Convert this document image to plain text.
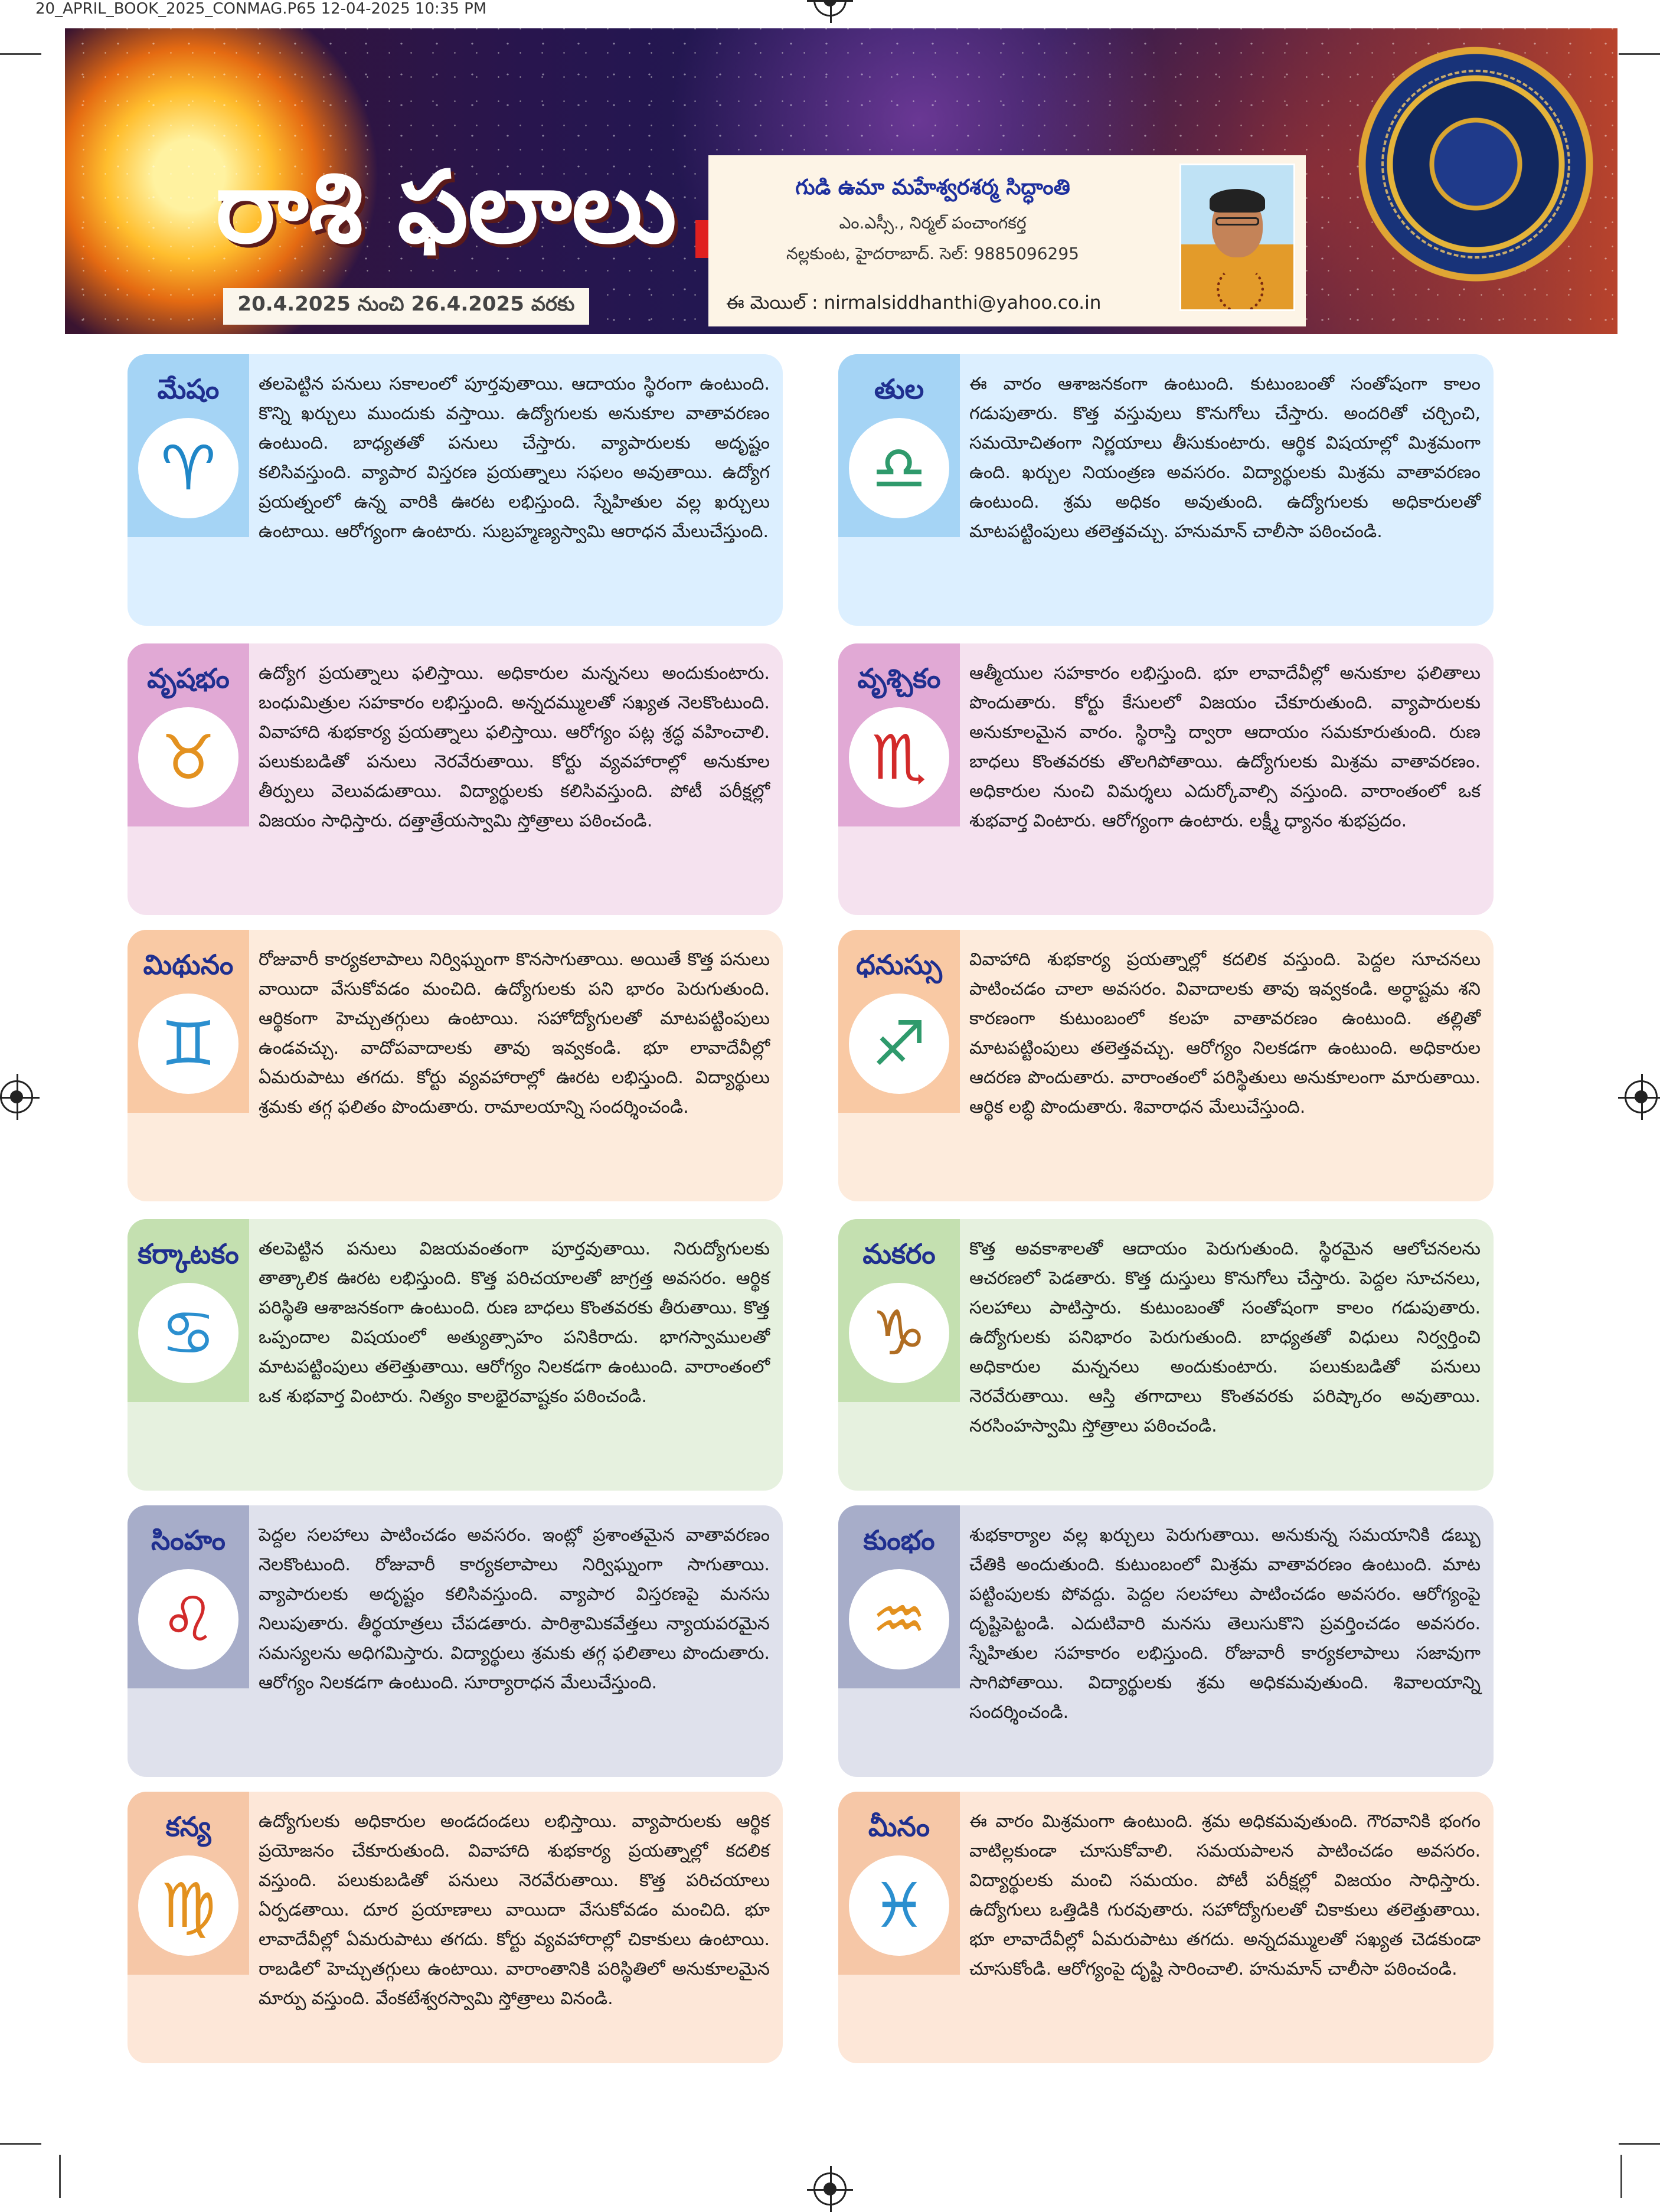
20_APRIL_BOOK_2025_CONMAG.P65 12-04-2025 10:35 PM
రాశి ఫలాలు
20.4.2025 నుంచి 26.4.2025 వరకు
గుడి ఉమా మహేశ్వరశర్మ సిద్ధాంతి
ఎం.ఎస్సీ., నిర్మల్ పంచాంగకర్త
నల్లకుంట, హైదరాబాద్. సెల్: 9885096295
ఈ మెయిల్ : nirmalsiddhanthi@yahoo.co.in
మేషం
♈
తలపెట్టిన పనులు సకాలంలో పూర్తవుతాయి. ఆదాయం స్థిరంగా ఉంటుంది. కొన్ని ఖర్చులు ముందుకు వస్తాయి. ఉద్యోగులకు అనుకూల వాతావరణం ఉంటుంది. బాధ్యతతో పనులు చేస్తారు. వ్యాపారులకు అదృష్టం కలిసివస్తుంది. వ్యాపార విస్తరణ ప్రయత్నాలు సఫలం అవుతాయి. ఉద్యోగ ప్రయత్నంలో ఉన్న వారికి ఊరట లభిస్తుంది. స్నేహితుల వల్ల ఖర్చులు ఉంటాయి. ఆరోగ్యంగా ఉంటారు. సుబ్రహ్మణ్యస్వామి ఆరాధన మేలుచేస్తుంది.
తుల
♎
ఈ వారం ఆశాజనకంగా ఉంటుంది. కుటుంబంతో సంతోషంగా కాలం గడుపుతారు. కొత్త వస్తువులు కొనుగోలు చేస్తారు. అందరితో చర్చించి, సమయోచితంగా నిర్ణయాలు తీసుకుంటారు. ఆర్థిక విషయాల్లో మిశ్రమంగా ఉంది. ఖర్చుల నియంత్రణ అవసరం. విద్యార్థులకు మిశ్రమ వాతావరణం ఉంటుంది. శ్రమ అధికం అవుతుంది. ఉద్యోగులకు అధికారులతో మాటపట్టింపులు తలెత్తవచ్చు. హనుమాన్ చాలీసా పఠించండి.
వృషభం
♉
ఉద్యోగ ప్రయత్నాలు ఫలిస్తాయి. అధికారుల మన్ననలు అందుకుంటారు. బంధుమిత్రుల సహకారం లభిస్తుంది. అన్నదమ్ములతో సఖ్యత నెలకొంటుంది. వివాహాది శుభకార్య ప్రయత్నాలు ఫలిస్తాయి. ఆరోగ్యం పట్ల శ్రద్ధ వహించాలి. పలుకుబడితో పనులు నెరవేరుతాయి. కోర్టు వ్యవహారాల్లో అనుకూల తీర్పులు వెలువడుతాయి. విద్యార్థులకు కలిసివస్తుంది. పోటీ పరీక్షల్లో విజయం సాధిస్తారు. దత్తాత్రేయస్వామి స్తోత్రాలు పఠించండి.
వృశ్చికం
♏
ఆత్మీయుల సహకారం లభిస్తుంది. భూ లావాదేవీల్లో అనుకూల ఫలితాలు పొందుతారు. కోర్టు కేసులలో విజయం చేకూరుతుంది. వ్యాపారులకు అనుకూలమైన వారం. స్థిరాస్తి ద్వారా ఆదాయం సమకూరుతుంది. రుణ బాధలు కొంతవరకు తొలగిపోతాయి. ఉద్యోగులకు మిశ్రమ వాతావరణం. అధికారుల నుంచి విమర్శలు ఎదుర్కోవాల్సి వస్తుంది. వారాంతంలో ఒక శుభవార్త వింటారు. ఆరోగ్యంగా ఉంటారు. లక్ష్మీ ధ్యానం శుభప్రదం.
మిథునం
♊
రోజువారీ కార్యకలాపాలు నిర్విఘ్నంగా కొనసాగుతాయి. అయితే కొత్త పనులు వాయిదా వేసుకోవడం మంచిది. ఉద్యోగులకు పని భారం పెరుగుతుంది. ఆర్థికంగా హెచ్చుతగ్గులు ఉంటాయి. సహోద్యోగులతో మాటపట్టింపులు ఉండవచ్చు. వాదోపవాదాలకు తావు ఇవ్వకండి. భూ లావాదేవీల్లో ఏమరుపాటు తగదు. కోర్టు వ్యవహారాల్లో ఊరట లభిస్తుంది. విద్యార్థులు శ్రమకు తగ్గ ఫలితం పొందుతారు. రామాలయాన్ని సందర్శించండి.
ధనుస్సు
♐
వివాహాది శుభకార్య ప్రయత్నాల్లో కదలిక వస్తుంది. పెద్దల సూచనలు పాటించడం చాలా అవసరం. వివాదాలకు తావు ఇవ్వకండి. అర్ధాష్టమ శని కారణంగా కుటుంబంలో కలహ వాతావరణం ఉంటుంది. తల్లితో మాటపట్టింపులు తలెత్తవచ్చు. ఆరోగ్యం నిలకడగా ఉంటుంది. అధికారుల ఆదరణ పొందుతారు. వారాంతంలో పరిస్థితులు అనుకూలంగా మారుతాయి. ఆర్థిక లబ్ధి పొందుతారు. శివారాధన మేలుచేస్తుంది.
కర్కాటకం
♋
తలపెట్టిన పనులు విజయవంతంగా పూర్తవుతాయి. నిరుద్యోగులకు తాత్కాలిక ఊరట లభిస్తుంది. కొత్త పరిచయాలతో జాగ్రత్త అవసరం. ఆర్థిక పరిస్థితి ఆశాజనకంగా ఉంటుంది. రుణ బాధలు కొంతవరకు తీరుతాయి. కొత్త ఒప్పందాల విషయంలో అత్యుత్సాహం పనికిరాదు. భాగస్వాములతో మాటపట్టింపులు తలెత్తుతాయి. ఆరోగ్యం నిలకడగా ఉంటుంది. వారాంతంలో ఒక శుభవార్త వింటారు. నిత్యం కాలభైరవాష్టకం పఠించండి.
మకరం
♑
కొత్త అవకాశాలతో ఆదాయం పెరుగుతుంది. స్థిరమైన ఆలోచనలను ఆచరణలో పెడతారు. కొత్త దుస్తులు కొనుగోలు చేస్తారు. పెద్దల సూచనలు, సలహాలు పాటిస్తారు. కుటుంబంతో సంతోషంగా కాలం గడుపుతారు. ఉద్యోగులకు పనిభారం పెరుగుతుంది. బాధ్యతతో విధులు నిర్వర్తించి అధికారుల మన్ననలు అందుకుంటారు. పలుకుబడితో పనులు నెరవేరుతాయి. ఆస్తి తగాదాలు కొంతవరకు పరిష్కారం అవుతాయి. నరసింహస్వామి స్తోత్రాలు పఠించండి.
సింహం
♌
పెద్దల సలహాలు పాటించడం అవసరం. ఇంట్లో ప్రశాంతమైన వాతావరణం నెలకొంటుంది. రోజువారీ కార్యకలాపాలు నిర్విఘ్నంగా సాగుతాయి. వ్యాపారులకు అదృష్టం కలిసివస్తుంది. వ్యాపార విస్తరణపై మనసు నిలుపుతారు. తీర్థయాత్రలు చేపడతారు. పారిశ్రామికవేత్తలు న్యాయపరమైన సమస్యలను అధిగమిస్తారు. విద్యార్థులు శ్రమకు తగ్గ ఫలితాలు పొందుతారు. ఆరోగ్యం నిలకడగా ఉంటుంది. సూర్యారాధన మేలుచేస్తుంది.
కుంభం
♒
శుభకార్యాల వల్ల ఖర్చులు పెరుగుతాయి. అనుకున్న సమయానికి డబ్బు చేతికి అందుతుంది. కుటుంబంలో మిశ్రమ వాతావరణం ఉంటుంది. మాట పట్టింపులకు పోవద్దు. పెద్దల సలహాలు పాటించడం అవసరం. ఆరోగ్యంపై దృష్టిపెట్టండి. ఎదుటివారి మనసు తెలుసుకొని ప్రవర్తించడం అవసరం. స్నేహితుల సహకారం లభిస్తుంది. రోజువారీ కార్యకలాపాలు సజావుగా సాగిపోతాయి. విద్యార్థులకు శ్రమ అధికమవుతుంది. శివాలయాన్ని సందర్శించండి.
కన్య
♍
ఉద్యోగులకు అధికారుల అండదండలు లభిస్తాయి. వ్యాపారులకు ఆర్థిక ప్రయోజనం చేకూరుతుంది. వివాహాది శుభకార్య ప్రయత్నాల్లో కదలిక వస్తుంది. పలుకుబడితో పనులు నెరవేరుతాయి. కొత్త పరిచయాలు ఏర్పడతాయి. దూర ప్రయాణాలు వాయిదా వేసుకోవడం మంచిది. భూ లావాదేవీల్లో ఏమరుపాటు తగదు. కోర్టు వ్యవహారాల్లో చికాకులు ఉంటాయి. రాబడిలో హెచ్చుతగ్గులు ఉంటాయి. వారాంతానికి పరిస్థితిలో అనుకూలమైన మార్పు వస్తుంది. వేంకటేశ్వరస్వామి స్తోత్రాలు వినండి.
మీనం
♓
ఈ వారం మిశ్రమంగా ఉంటుంది. శ్రమ అధికమవుతుంది. గౌరవానికి భంగం వాటిల్లకుండా చూసుకోవాలి. సమయపాలన పాటించడం అవసరం. విద్యార్థులకు మంచి సమయం. పోటీ పరీక్షల్లో విజయం సాధిస్తారు. ఉద్యోగులు ఒత్తిడికి గురవుతారు. సహోద్యోగులతో చికాకులు తలెత్తుతాయి. భూ లావాదేవీల్లో ఏమరుపాటు తగదు. అన్నదమ్ములతో సఖ్యత చెడకుండా చూసుకోండి. ఆరోగ్యంపై దృష్టి సారించాలి. హనుమాన్ చాలీసా పఠించండి.
